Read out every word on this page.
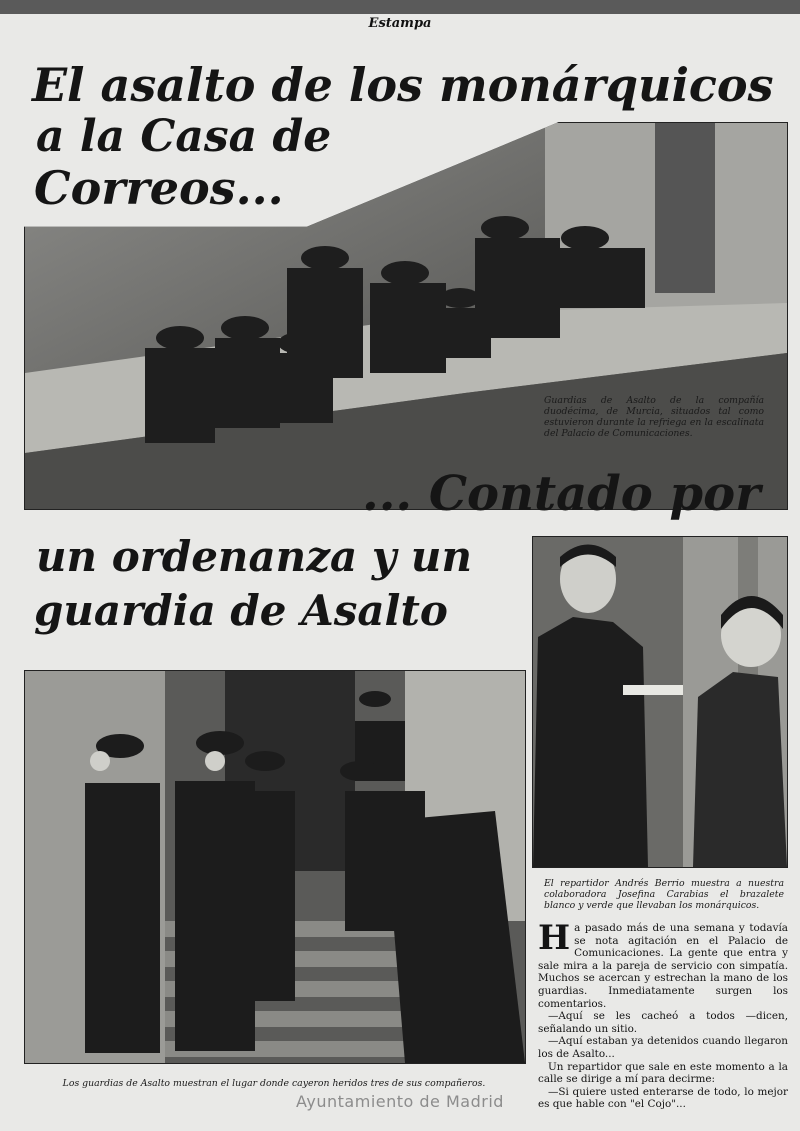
Estampa
El asalto de los monárquicos
a la Casa de
Correos...
Guardias de Asalto de la compañía duodécima, de Murcia, situados tal como estuvieron durante la refriega en la escalinata del Palacio de Comunicaciones.
... Contado por
un ordenanza y un
guardia de Asalto
El repartidor Andrés Berrio muestra a nuestra colaboradora Josefina Carabias el brazalete blanco y verde que llevaban los monárquicos.
Los guardias de Asalto muestran el lugar donde cayeron heridos tres de sus compañeros.

Ha pasado más de una semana y todavía se nota agitación en el Palacio de Comunicaciones. La gente que entra y sale mira a la pareja de servicio con simpatía. Muchos se acercan y estrechan la mano de los guardias. Inmediatamente surgen los comentarios.

—Aquí se les cacheó a todos —dicen, señalando un sitio.

—Aquí estaban ya detenidos cuando llegaron los de Asalto...

Un repartidor que sale en este momento a la calle se dirige a mí para decirme:

—Si quiere usted enterarse de todo, lo mejor es que hable con "el Cojo"...

Ayuntamiento de Madrid
